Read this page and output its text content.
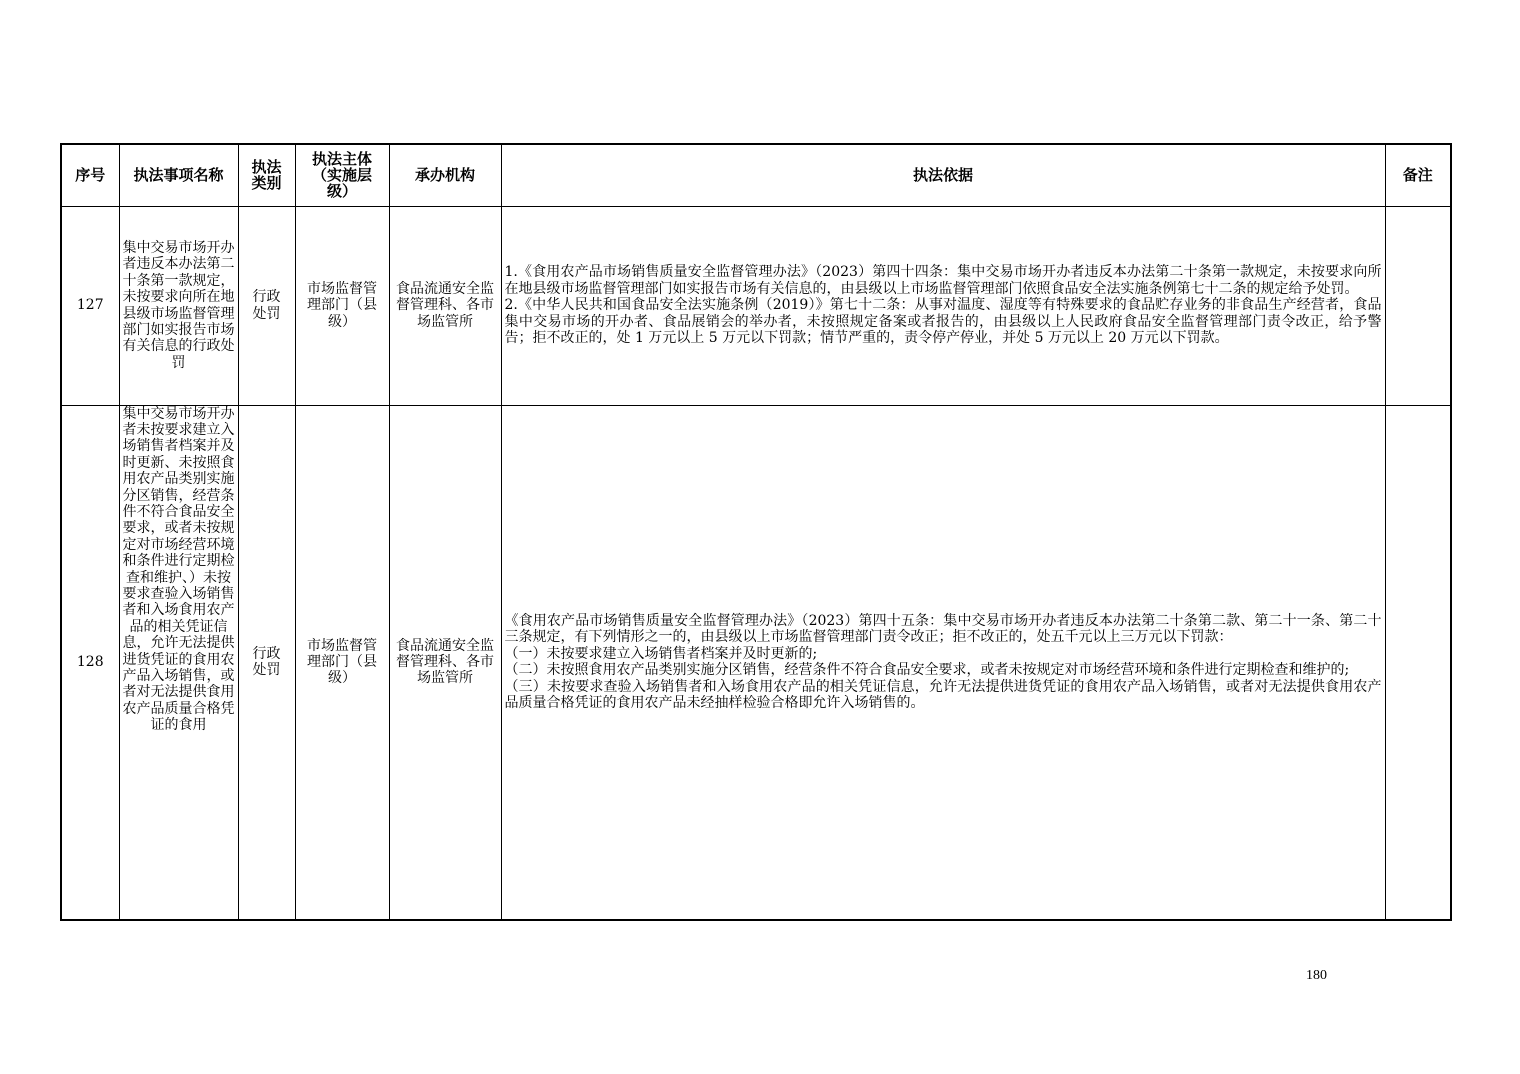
序号	执法事项名称	执法类别	执法主体（实施层级）	承办机构	执法依据	备注
127	集中交易市场开办者违反本办法第二十条第一款规定，未按要求向所在地县级市场监督管理部门如实报告市场有关信息的行政处罚	行政处罚	市场监督管理部门（县级）	食品流通安全监督管理科、各市场监管所	1.《食用农产品市场销售质量安全监督管理办法》（2023）第四十四条：集中交易市场开办者违反本办法第二十条第一款规定，未按要求向所在地县级市场监督管理部门如实报告市场有关信息的，由县级以上市场监督管理部门依照食品安全法实施条例第七十二条的规定给予处罚。
2.《中华人民共和国食品安全法实施条例（2019）》第七十二条：从事对温度、湿度等有特殊要求的食品贮存业务的非食品生产经营者，食品集中交易市场的开办者、食品展销会的举办者，未按照规定备案或者报告的，由县级以上人民政府食品安全监督管理部门责令改正，给予警告；拒不改正的，处 1 万元以上 5 万元以下罚款；情节严重的，责令停产停业，并处 5 万元以上 20 万元以下罚款。	

128	集中交易市场开办者未按要求建立入场销售者档案并及时更新、未按照食用农产品类别实施分区销售，经营条件不符合食品安全要求，或者未按规定对市场经营环境和条件进行定期检查和维护、）未按要求查验入场销售者和入场食用农产品的相关凭证信息，允许无法提供进货凭证的食用农产品入场销售，或者对无法提供食用农产品质量合格凭证的食用	行政处罚	市场监督管理部门（县级）	食品流通安全监督管理科、各市场监管所	《食用农产品市场销售质量安全监督管理办法》（2023）第四十五条：集中交易市场开办者违反本办法第二十条第二款、第二十一条、第二十三条规定，有下列情形之一的，由县级以上市场监督管理部门责令改正；拒不改正的，处五千元以上三万元以下罚款：
（一）未按要求建立入场销售者档案并及时更新的;
（二）未按照食用农产品类别实施分区销售，经营条件不符合食品安全要求，或者未按规定对市场经营环境和条件进行定期检查和维护的;
（三）未按要求查验入场销售者和入场食用农产品的相关凭证信息，允许无法提供进货凭证的食用农产品入场销售，或者对无法提供食用农产品质量合格凭证的食用农产品未经抽样检验合格即允许入场销售的。	

180
